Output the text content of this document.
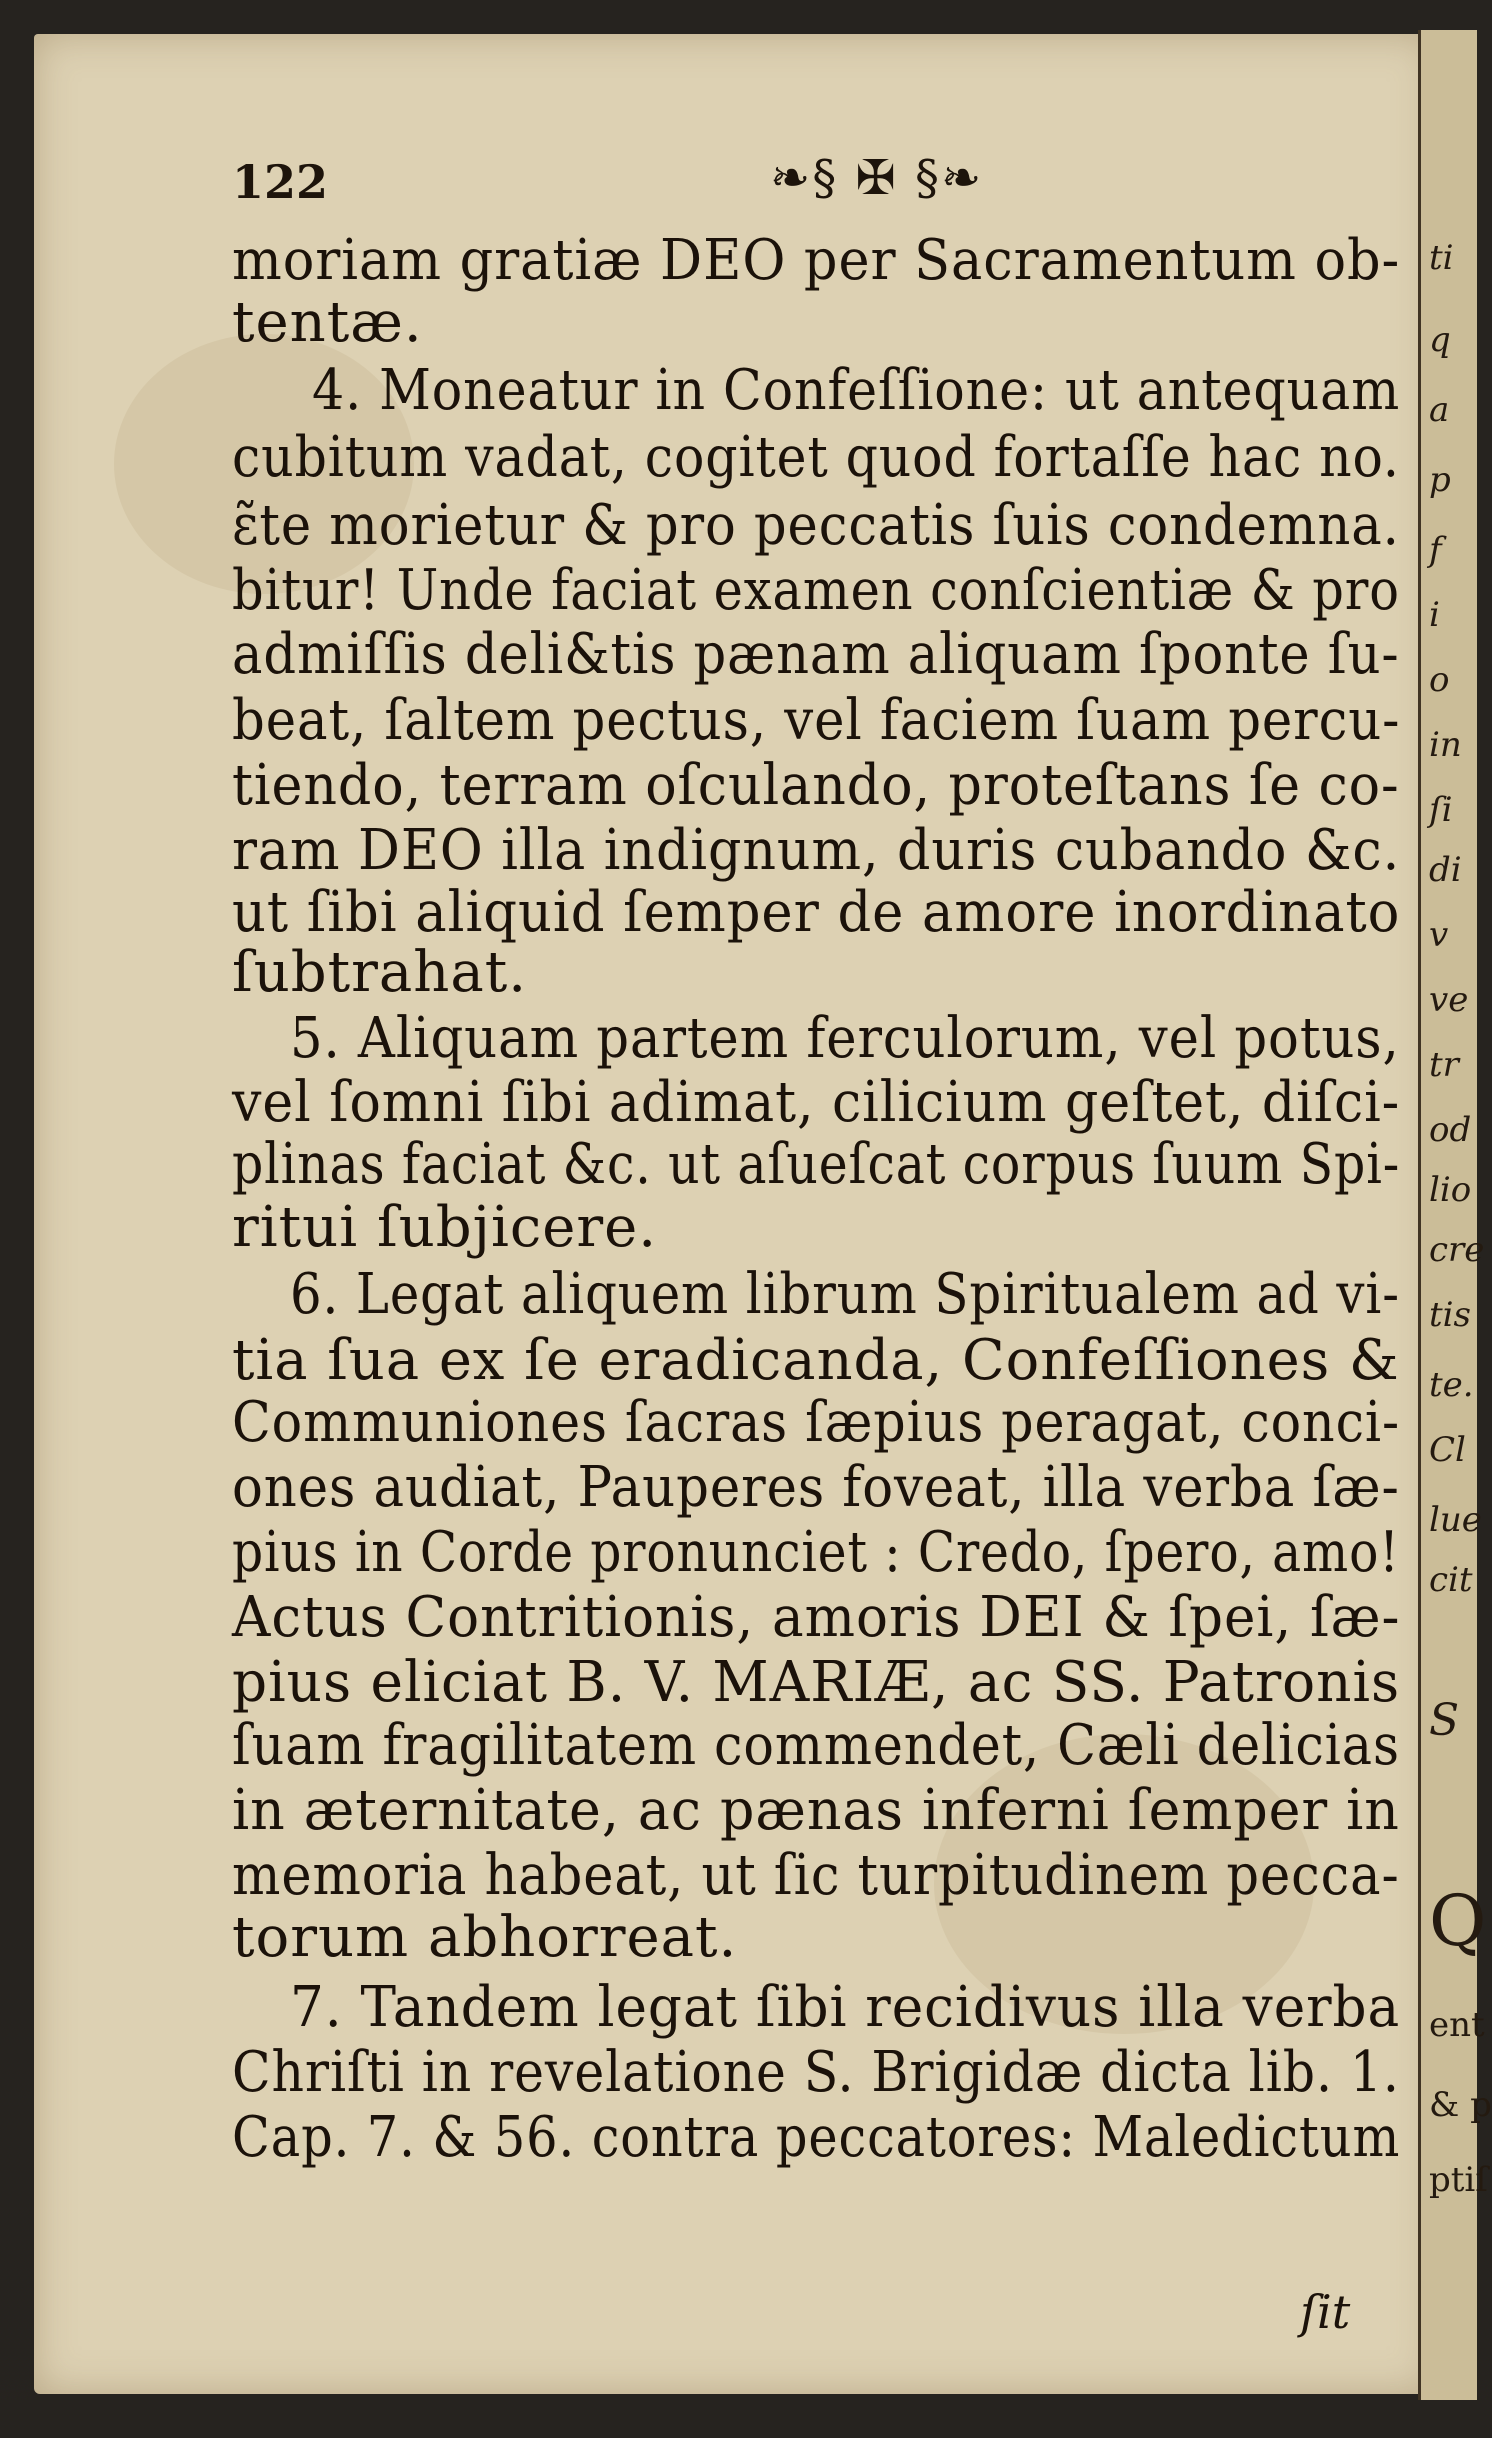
ti
q
a
p
f
i
o
in
ſi
di
v
ve
tr
od
lio
cre
tis
te.
Cl
lue
cit
S
Q
ent
& p
ptiſ
122	❧§ ✠ §❧
moriam gratiæ DEO per Sacramentum ob-
tentæ.
4. Moneatur in Confeſſione: ut antequam
cubitum vadat, cogitet quod fortaſſe hac no.
ɛ̃te morietur & pro peccatis ſuis condemna.
bitur! Unde faciat examen conſcientiæ & pro
admiſſis deli&tis pænam aliquam ſponte ſu-
beat, ſaltem pectus, vel faciem ſuam percu-
tiendo, terram oſculando, proteſtans ſe co-
ram DEO illa indignum, duris cubando &c.
ut ſibi aliquid ſemper de amore inordinato
ſubtrahat.
5. Aliquam partem ferculorum, vel potus,
vel ſomni ſibi adimat, cilicium geſtet, diſci-
plinas faciat &c. ut aſueſcat corpus ſuum Spi-
ritui ſubjicere.
6. Legat aliquem librum Spiritualem ad vi-
tia ſua ex ſe eradicanda, Confeſſiones &
Communiones ſacras ſæpius peragat, conci-
ones audiat, Pauperes foveat, illa verba ſæ-
pius in Corde pronunciet : Credo, ſpero, amo!
Actus Contritionis, amoris DEI & ſpei, ſæ-
pius eliciat B. V. MARIÆ, ac SS. Patronis
ſuam fragilitatem commendet, Cæli delicias
in æternitate, ac pænas inferni ſemper in
memoria habeat, ut ſic turpitudinem pecca-
torum abhorreat.
7. Tandem legat ſibi recidivus illa verba
Chriſti in revelatione S. Brigidæ dicta lib. 1.
Cap. 7. & 56. contra peccatores: Maledictum
ſit
